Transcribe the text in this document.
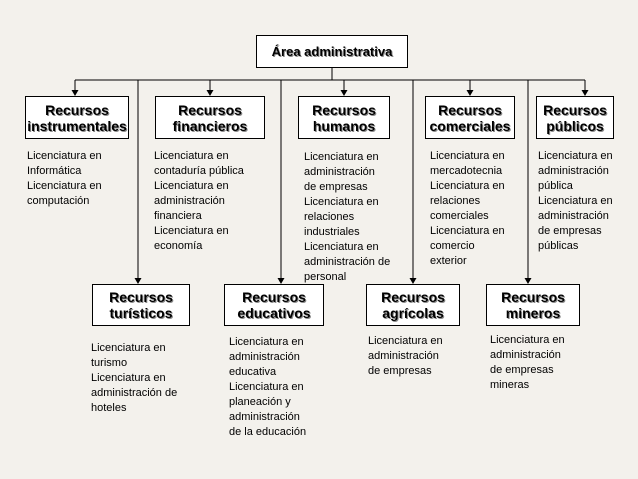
Área administrativa
Recursos
instrumentales
Recursos
financieros
Recursos
humanos
Recursos
comerciales
Recursos
públicos
Licenciatura en
Informática
Licenciatura en
computación
Licenciatura en
contaduría pública
Licenciatura en
administración
financiera
Licenciatura en
economía
Licenciatura en
administración
de empresas
Licenciatura en
relaciones
industriales
Licenciatura en
administración de
personal
Licenciatura en
mercadotecnia
Licenciatura en
relaciones
comerciales
Licenciatura en
comercio
exterior
Licenciatura en
administración
pública
Licenciatura en
administración
de empresas
públicas
Recursos
turísticos
Recursos
educativos
Recursos
agrícolas
Recursos
mineros
Licenciatura en
turismo
Licenciatura en
administración de
hoteles
Licenciatura en
administración
educativa
Licenciatura en
planeación y
administración
de la educación
Licenciatura en
administración
de empresas
Licenciatura en
administración
de empresas
mineras
